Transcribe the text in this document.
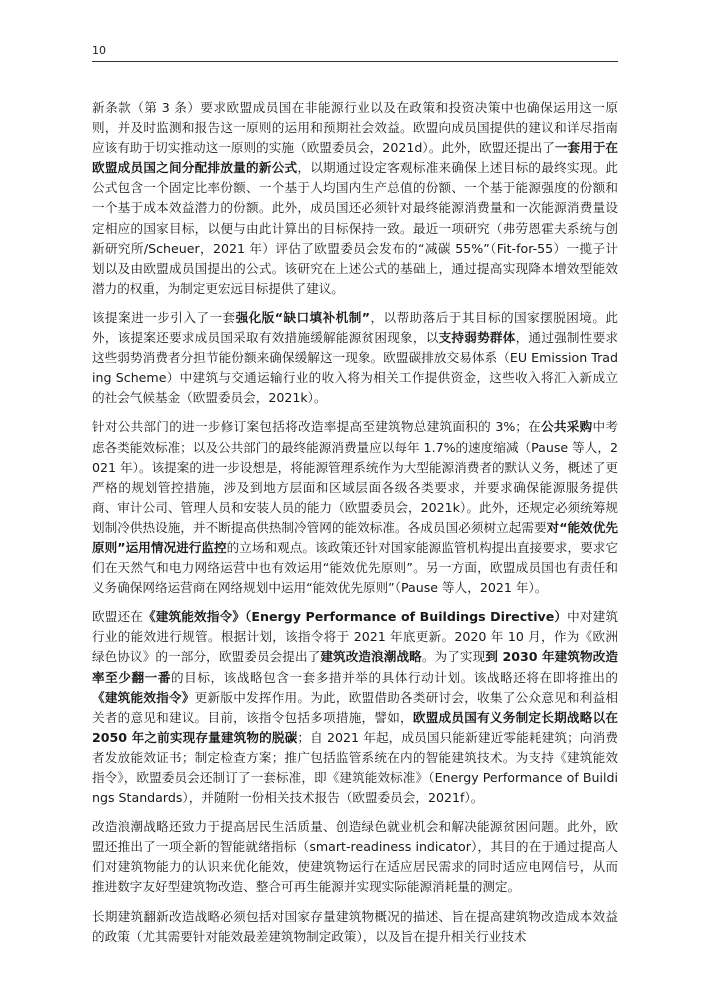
10

新条款（第 3 条）要求欧盟成员国在非能源行业以及在政策和投资决策中也确保运用这一原则，并及时监测和报告这一原则的运用和预期社会效益。欧盟向成员国提供的建议和详尽指南应该有助于切实推动这一原则的实施（欧盟委员会，2021d）。此外，欧盟还提出了一套用于在欧盟成员国之间分配排放量的新公式，以期通过设定客观标准来确保上述目标的最终实现。此公式包含一个固定比率份额、一个基于人均国内生产总值的份额、一个基于能源强度的份额和一个基于成本效益潜力的份额。此外，成员国还必须针对最终能源消费量和一次能源消费量设定相应的国家目标，以便与由此计算出的目标保持一致。最近一项研究（弗劳恩霍夫系统与创新研究所/Scheuer，2021 年）评估了欧盟委员会发布的“减碳 55%”（Fit-for-55）一揽子计划以及由欧盟成员国提出的公式。该研究在上述公式的基础上，通过提高实现降本增效型能效潜力的权重，为制定更宏远目标提供了建议。

该提案进一步引入了一套强化版“缺口填补机制”，以帮助落后于其目标的国家摆脱困境。此外，该提案还要求成员国采取有效措施缓解能源贫困现象，以支持弱势群体，通过强制性要求这些弱势消费者分担节能份额来确保缓解这一现象。欧盟碳排放交易体系（EU Emission Trading Scheme）中建筑与交通运输行业的收入将为相关工作提供资金，这些收入将汇入新成立的社会气候基金（欧盟委员会，2021k）。

针对公共部门的进一步修订案包括将改造率提高至建筑物总建筑面积的 3%；在公共采购中考虑各类能效标准；以及公共部门的最终能源消费量应以每年 1.7%的速度缩减（Pause 等人，2021 年）。该提案的进一步设想是，将能源管理系统作为大型能源消费者的默认义务，概述了更严格的规划管控措施，涉及到地方层面和区域层面各级各类要求，并要求确保能源服务提供商、审计公司、管理人员和安装人员的能力（欧盟委员会，2021k）。此外，还规定必须统筹规划制冷供热设施，并不断提高供热制冷管网的能效标准。各成员国必须树立起需要对“能效优先原则”运用情况进行监控的立场和观点。该政策还针对国家能源监管机构提出直接要求，要求它们在天然气和电力网络运营中也有效运用“能效优先原则”。另一方面，欧盟成员国也有责任和义务确保网络运营商在网络规划中运用“能效优先原则”（Pause 等人，2021 年）。

欧盟还在《建筑能效指令》（Energy Performance of Buildings Directive）中对建筑行业的能效进行规管。根据计划，该指令将于 2021 年底更新。2020 年 10 月，作为《欧洲绿色协议》的一部分，欧盟委员会提出了建筑改造浪潮战略。为了实现到 2030 年建筑物改造率至少翻一番的目标，该战略包含一套多措并举的具体行动计划。该战略还将在即将推出的《建筑能效指令》更新版中发挥作用。为此，欧盟借助各类研讨会，收集了公众意见和利益相关者的意见和建议。目前，该指令包括多项措施，譬如，欧盟成员国有义务制定长期战略以在 2050 年之前实现存量建筑物的脱碳；自 2021 年起，成员国只能新建近零能耗建筑；向消费者发放能效证书；制定检查方案；推广包括监管系统在内的智能建筑技术。为支持《建筑能效指令》，欧盟委员会还制订了一套标准，即《建筑能效标准》（Energy Performance of Buildings Standards），并随附一份相关技术报告（欧盟委员会，2021f）。

改造浪潮战略还致力于提高居民生活质量、创造绿色就业机会和解决能源贫困问题。此外，欧盟还推出了一项全新的智能就绪指标（smart-readiness indicator），其目的在于通过提高人们对建筑物能力的认识来优化能效，使建筑物运行在适应居民需求的同时适应电网信号，从而推进数字友好型建筑物改造、整合可再生能源并实现实际能源消耗量的测定。

长期建筑翻新改造战略必须包括对国家存量建筑物概况的描述、旨在提高建筑物改造成本效益的政策（尤其需要针对能效最差建筑物制定政策），以及旨在提升相关行业技术
